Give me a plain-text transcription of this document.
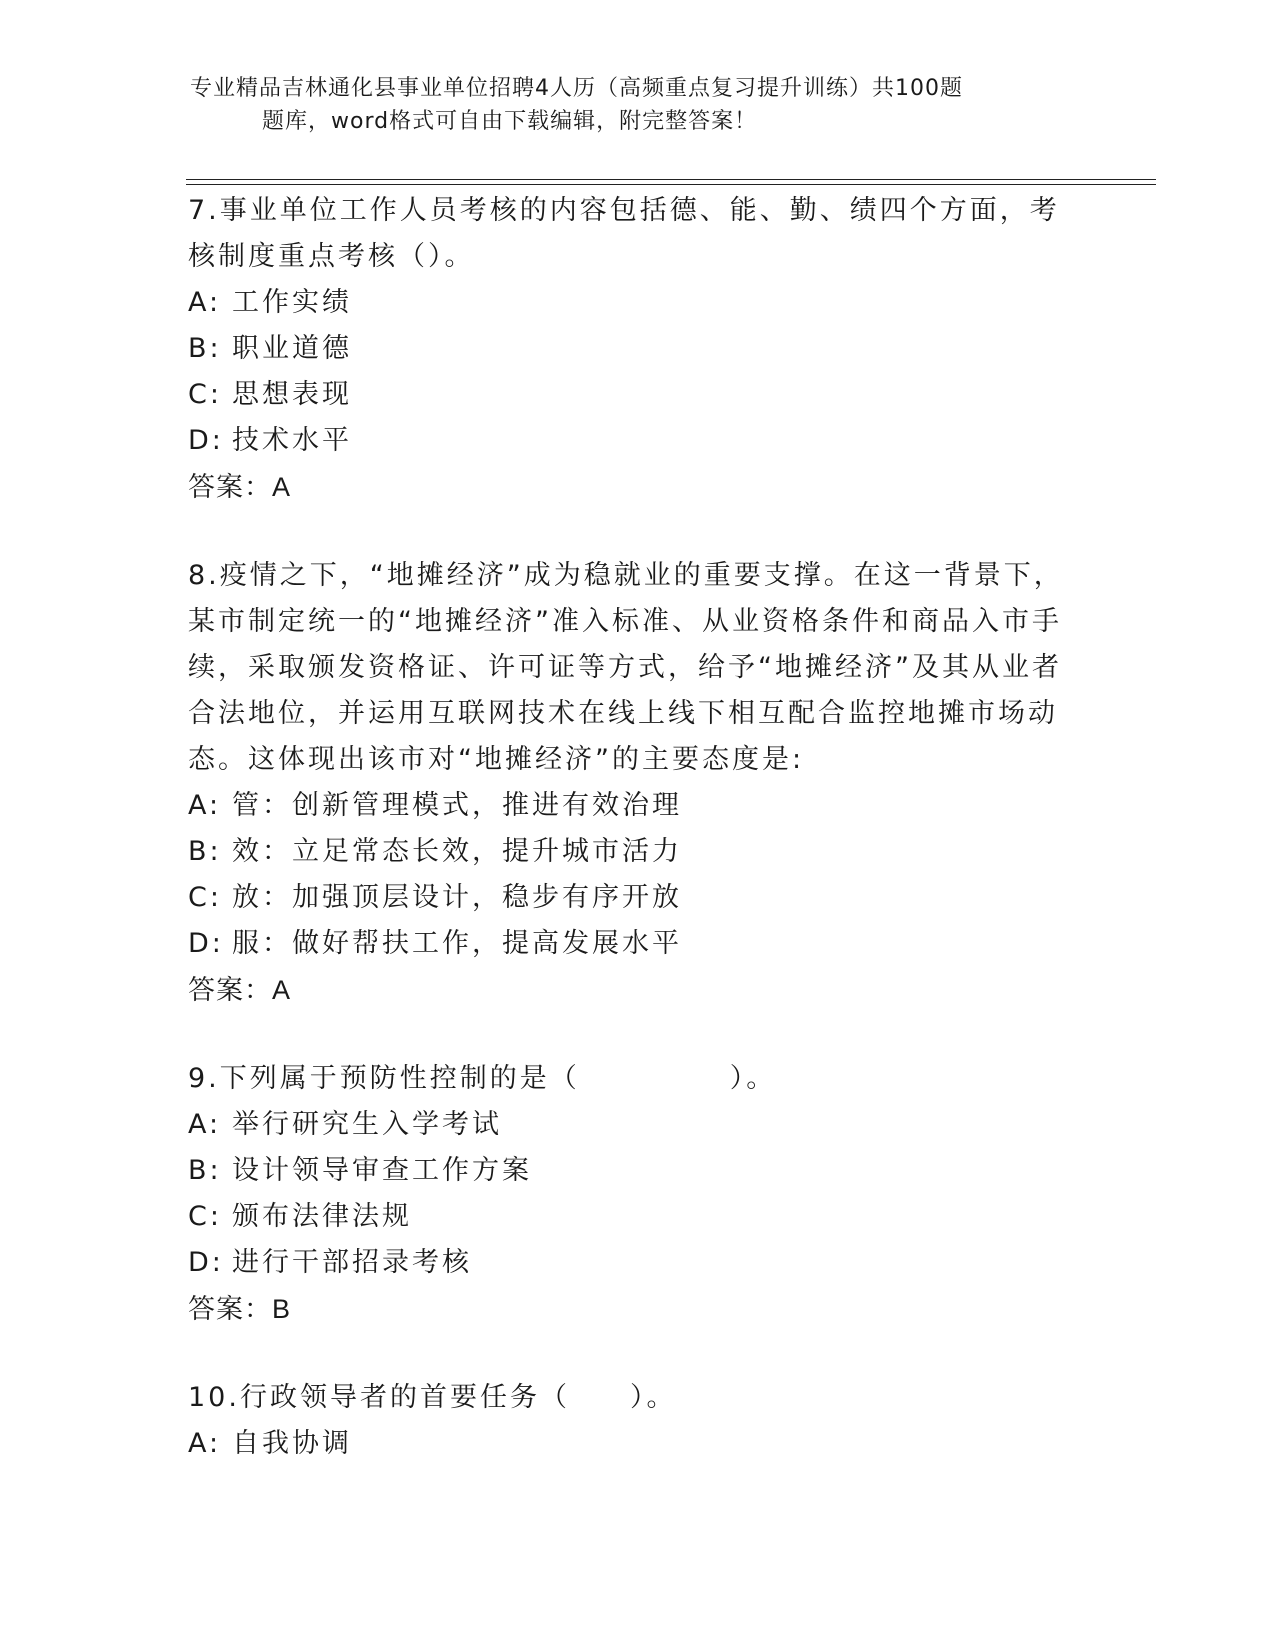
专业精品吉林通化县事业单位招聘4人历（高频重点复习提升训练）共100题
题库，word格式可自由下载编辑，附完整答案！

7.事业单位工作人员考核的内容包括德、能、勤、绩四个方面，考核制度重点考核（）。

A: 工作实绩

B: 职业道德

C: 思想表现

D: 技术水平

答案：A

8.疫情之下，“地摊经济”成为稳就业的重要支撑。在这一背景下，某市制定统一的“地摊经济”准入标准、从业资格条件和商品入市手续，采取颁发资格证、许可证等方式，给予“地摊经济”及其从业者合法地位，并运用互联网技术在线上线下相互配合监控地摊市场动态。这体现出该市对“地摊经济”的主要态度是:

A: 管：创新管理模式，推进有效治理

B: 效：立足常态长效，提升城市活力

C: 放：加强顶层设计，稳步有序开放

D: 服：做好帮扶工作，提高发展水平

答案：A

9.下列属于预防性控制的是（　　　　　）。

A: 举行研究生入学考试

B: 设计领导审查工作方案

C: 颁布法律法规

D: 进行干部招录考核

答案：B

10.行政领导者的首要任务（　　）。

A: 自我协调
